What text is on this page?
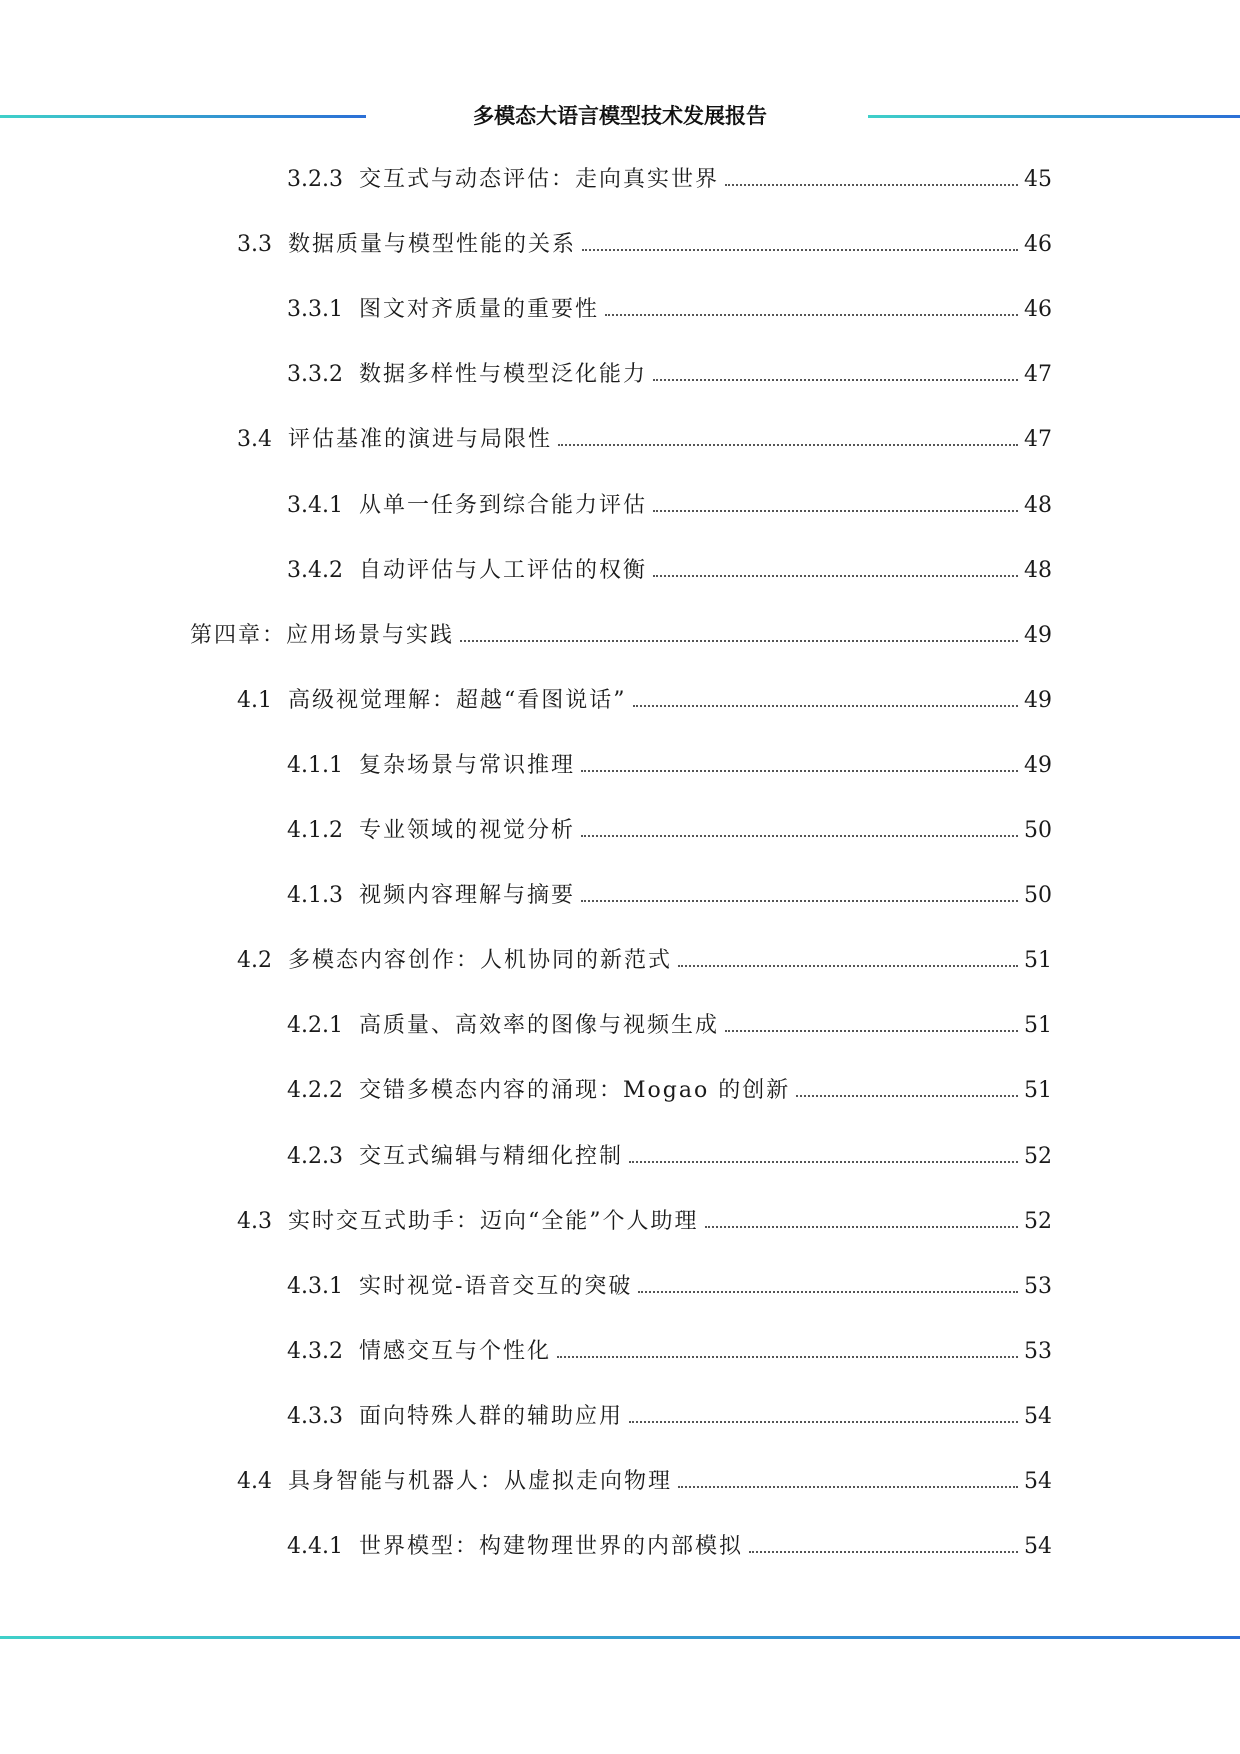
多模态大语言模型技术发展报告
3.2.3 交互式与动态评估：走向真实世界	45
3.3 数据质量与模型性能的关系	46
3.3.1 图文对齐质量的重要性	46
3.3.2 数据多样性与模型泛化能力	47
3.4 评估基准的演进与局限性	47
3.4.1 从单一任务到综合能力评估	48
3.4.2 自动评估与人工评估的权衡	48
第四章：应用场景与实践	49
4.1 高级视觉理解：超越“看图说话”	49
4.1.1 复杂场景与常识推理	49
4.1.2 专业领域的视觉分析	50
4.1.3 视频内容理解与摘要	50
4.2 多模态内容创作：人机协同的新范式	51
4.2.1 高质量、高效率的图像与视频生成	51
4.2.2 交错多模态内容的涌现：Mogao 的创新	51
4.2.3 交互式编辑与精细化控制	52
4.3 实时交互式助手：迈向“全能”个人助理	52
4.3.1 实时视觉-语音交互的突破	53
4.3.2 情感交互与个性化	53
4.3.3 面向特殊人群的辅助应用	54
4.4 具身智能与机器人：从虚拟走向物理	54
4.4.1 世界模型：构建物理世界的内部模拟	54
